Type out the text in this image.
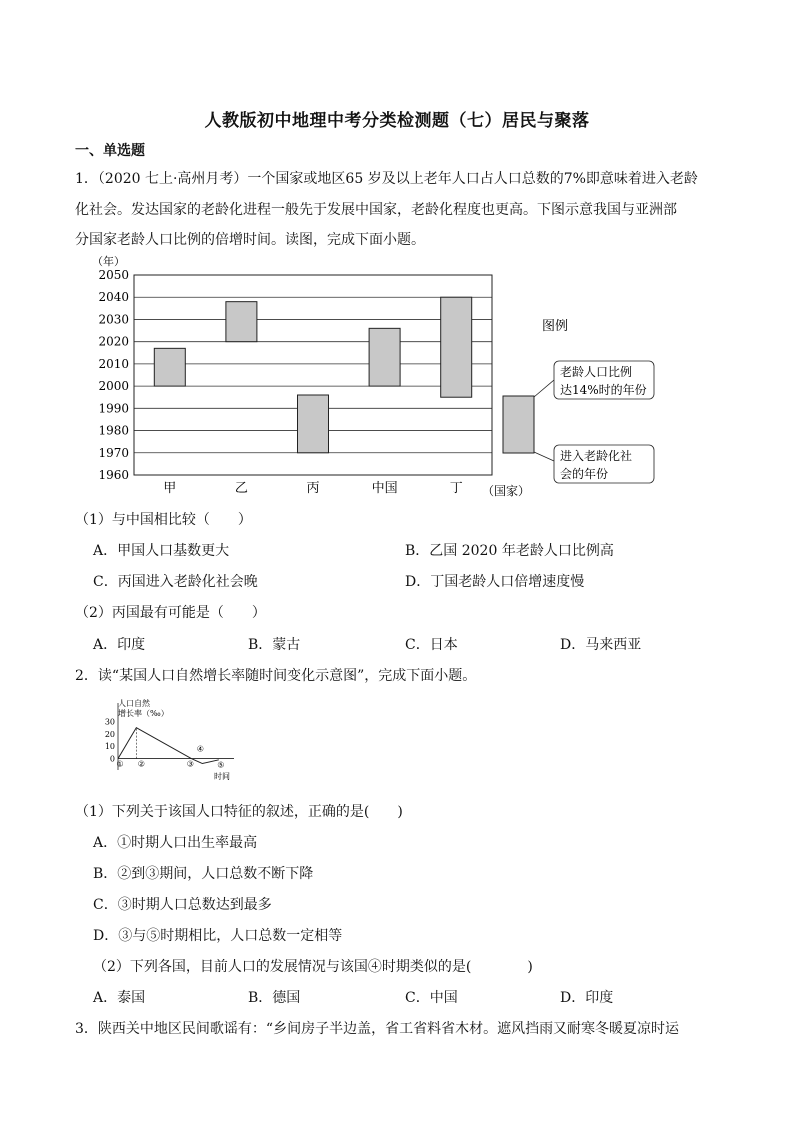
人教版初中地理中考分类检测题（七）居民与聚落
一、单选题
1．（2020 七上·高州月考）一个国家或地区65 岁及以上老年人口占人口总数的7%即意味着进入老龄
化社会。发达国家的老龄化进程一般先于发展中国家，老龄化程度也更高。下图示意我国与亚洲部
分国家老龄人口比例的倍增时间。读图，完成下面小题。
（年）
2050
2040
2030
2020
2010
2000
1990
1980
1970
1960
甲	乙	丙	中国	丁 （国家）
图例
老龄人口比例
达14%时的年份
进入老龄化社
会的年份
（1）与中国相比较（　　）
A．甲国人口基数更大	B．乙国 2020 年老龄人口比例高
C．丙国进入老龄化社会晚	D．丁国老龄人口倍增速度慢
（2）丙国最有可能是（　　）
A．印度	B．蒙古	C．日本	D．马来西亚
2．读“某国人口自然增长率随时间变化示意图”，完成下面小题。
人口自然
增长率（‰）
30
20
10
0
① ②	③
④
⑤
时间
（1）下列关于该国人口特征的叙述，正确的是(　　)
A．①时期人口出生率最高
B．②到③期间，人口总数不断下降
C．③时期人口总数达到最多
D．③与⑤时期相比，人口总数一定相等
（2）下列各国，目前人口的发展情况与该国④时期类似的是(　　　　)
A．泰国	B．德国	C．中国	D．印度
3．陕西关中地区民间歌谣有：“乡间房子半边盖，省工省料省木材。遮风挡雨又耐寒冬暖夏凉时运
